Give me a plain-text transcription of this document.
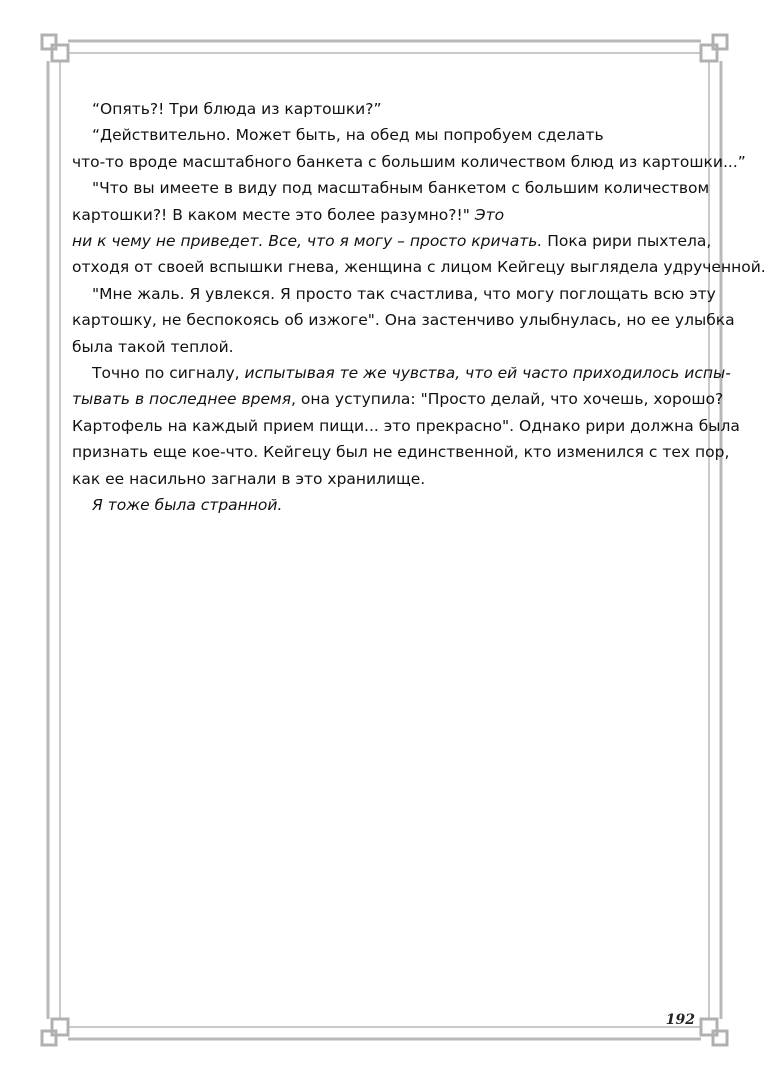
“Опять?! Три блюда из картошки?”
“Действительно. Может быть, на обед мы попробуем сделать
что-то вроде масштабного банкета с большим количеством блюд из картошки...”
"Что вы имеете в виду под масштабным банкетом с большим количеством
картошки?! В каком месте это более разумно?!" Это
ни к чему не приведет. Все, что я могу – просто кричать. Пока рири пыхтела,
отходя от своей вспышки гнева, женщина с лицом Кейгецу выглядела удрученной.
"Мне жаль. Я увлекся. Я просто так счастлива, что могу поглощать всю эту
картошку, не беспокоясь об изжоге". Она застенчиво улыбнулась, но ее улыбка
была такой теплой.
Точно по сигналу, испытывая те же чувства, что ей часто приходилось испы-
тывать в последнее время, она уступила: "Просто делай, что хочешь, хорошо?
Картофель на каждый прием пищи... это прекрасно". Однако рири должна была
признать еще кое-что. Кейгецу был не единственной, кто изменился с тех пор,
как ее насильно загнали в это хранилище.
Я тоже была странной.
192
